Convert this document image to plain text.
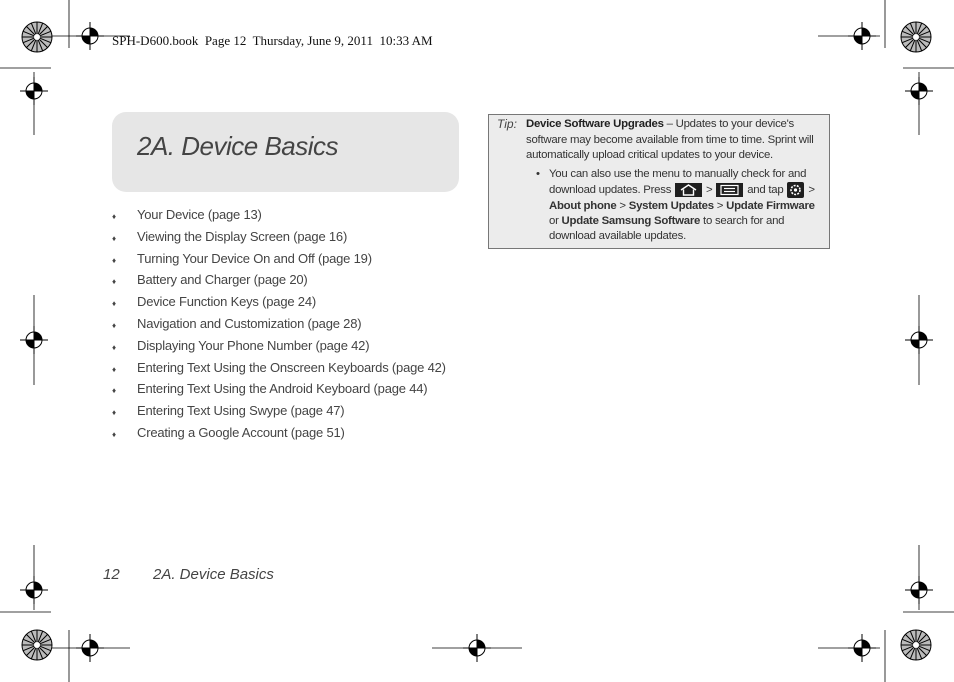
SPH-D600.book  Page 12  Thursday, June 9, 2011  10:33 AM
2A. Device Basics
♦ Your Device (page 13)
♦ Viewing the Display Screen (page 16)
♦ Turning Your Device On and Off (page 19)
♦ Battery and Charger (page 20)
♦ Device Function Keys (page 24)
♦ Navigation and Customization (page 28)
♦ Displaying Your Phone Number (page 42)
♦ Entering Text Using the Onscreen Keyboards (page 42)
♦ Entering Text Using the Android Keyboard (page 44)
♦ Entering Text Using Swype (page 47)
♦ Creating a Google Account (page 51)
Tip: Device Software Upgrades – Updates to your device's software may become available from time to time. Sprint will automatically upload critical updates to your device.
• You can also use the menu to manually check for and download updates. Press	>	and tap
> About phone > System Updates > Update Firmware or Update Samsung Software to search for and download available updates.
12 2A. Device Basics
